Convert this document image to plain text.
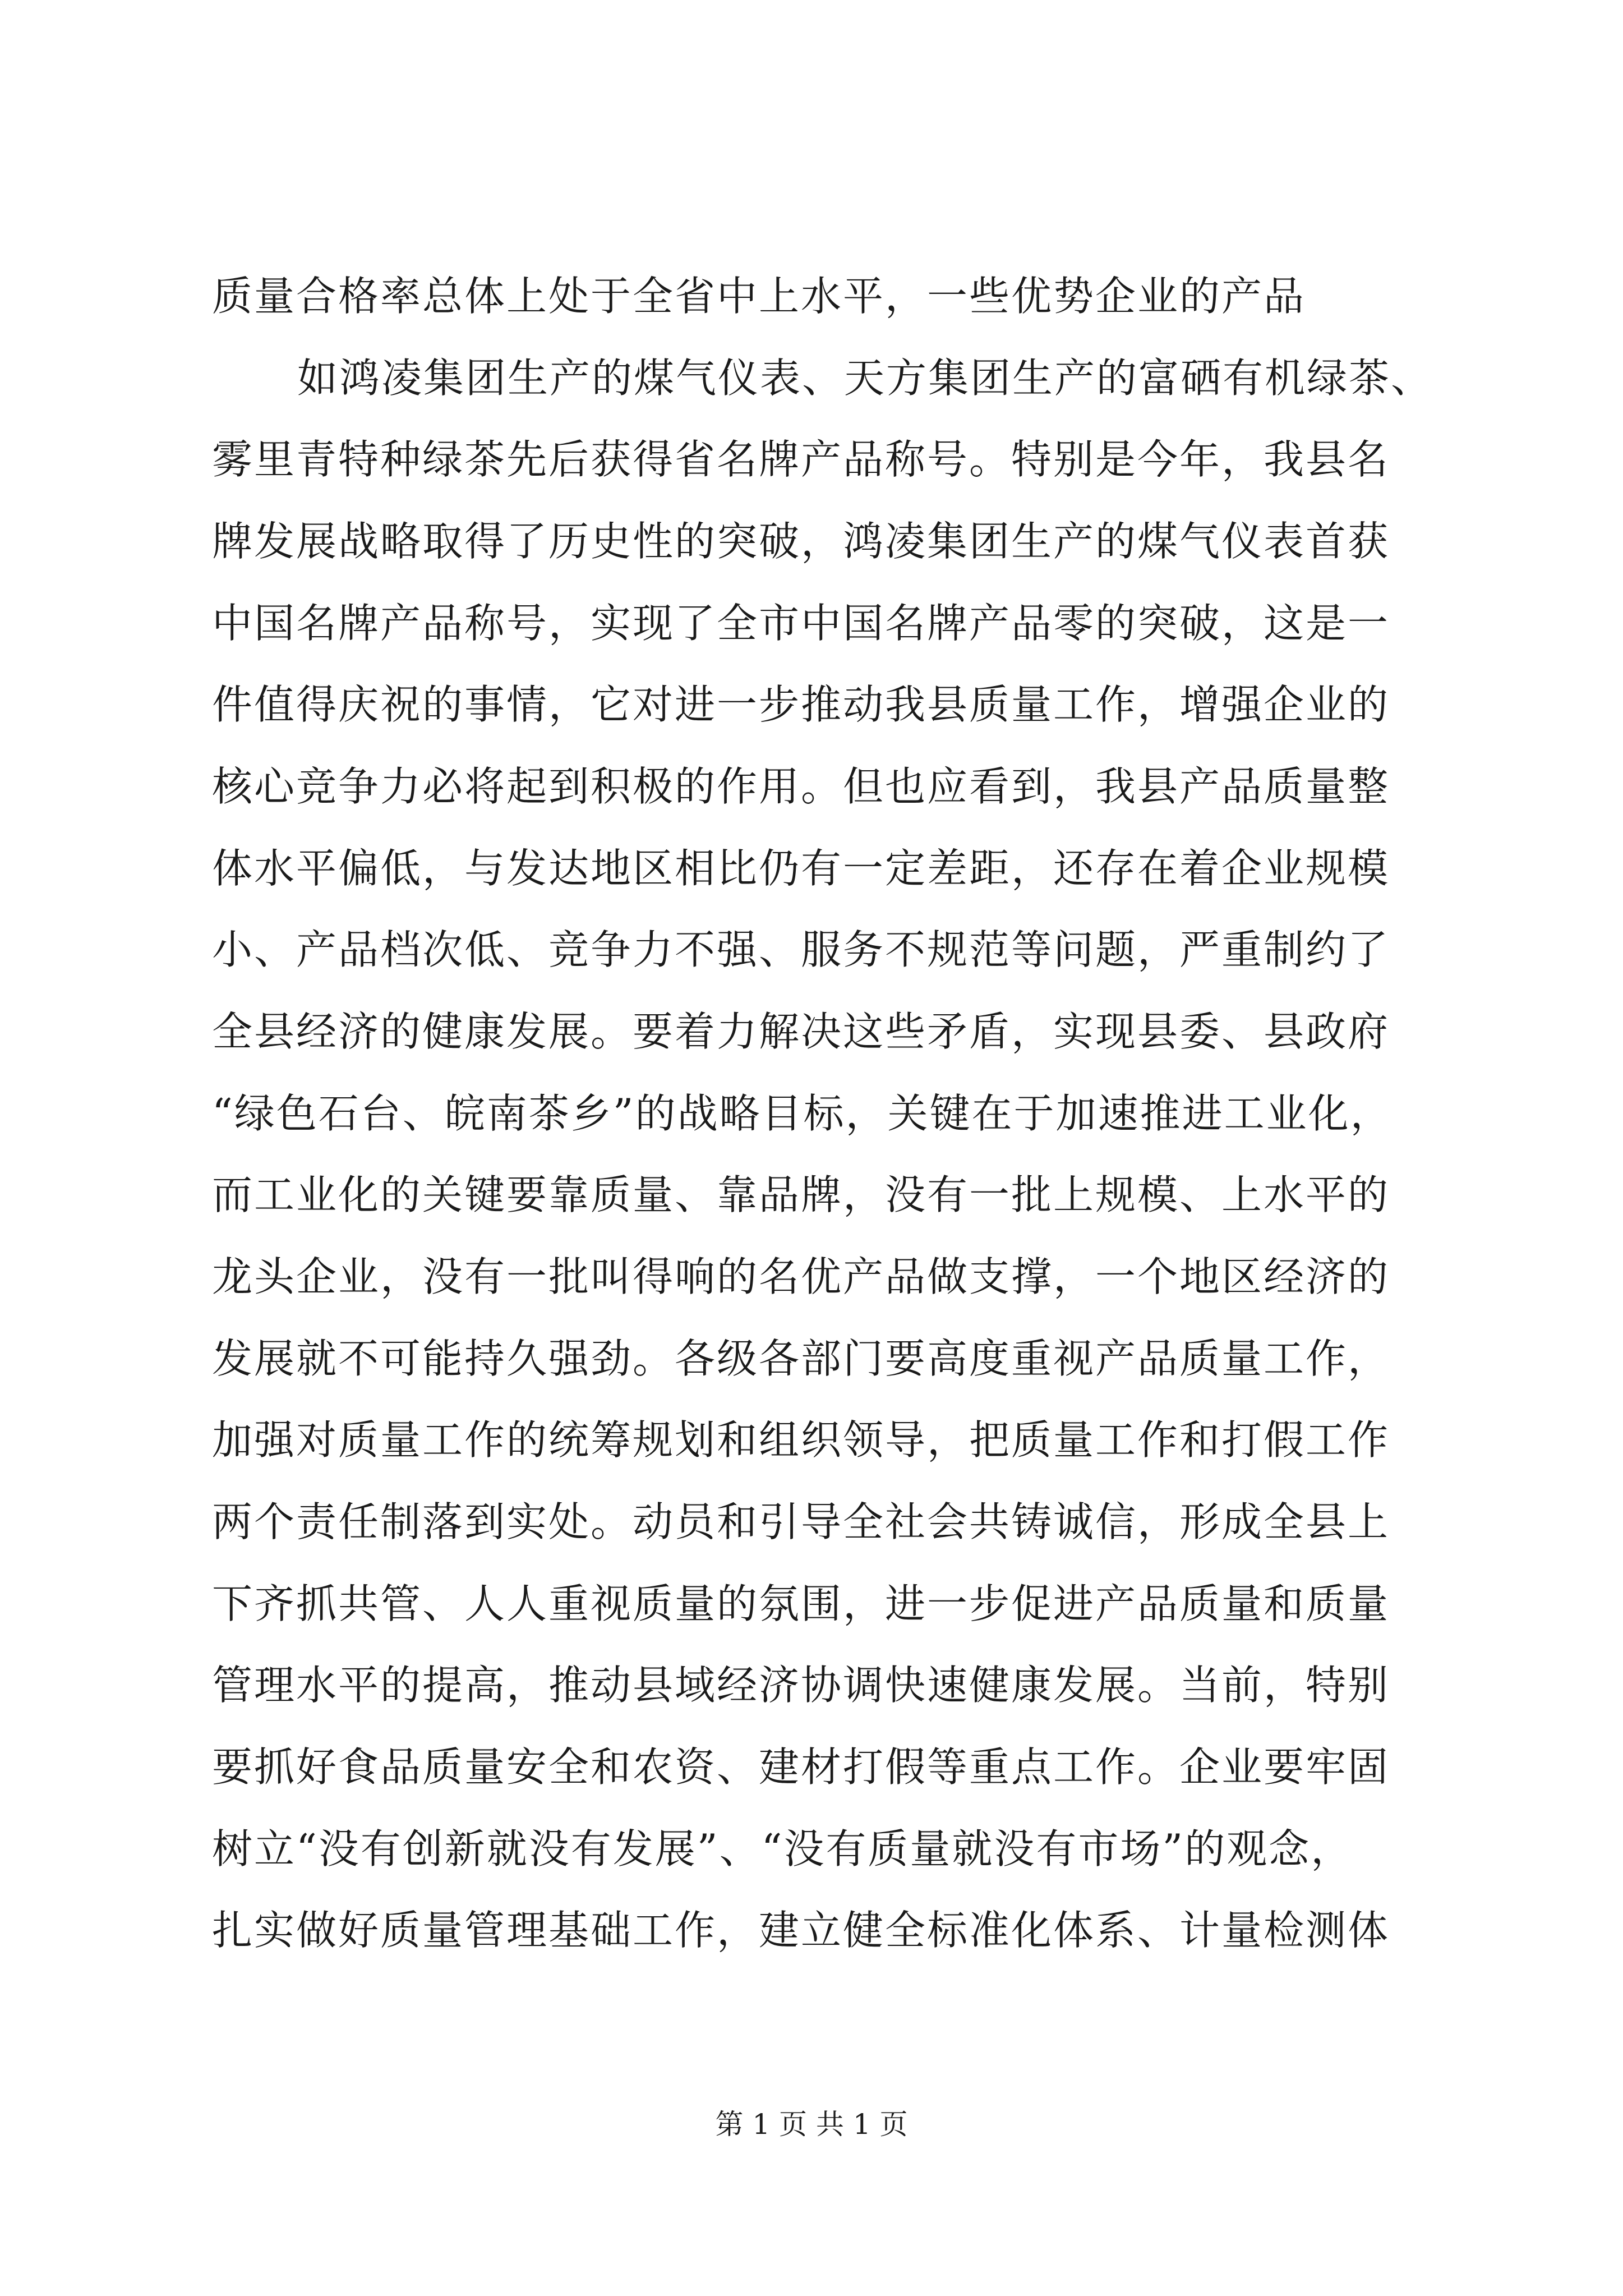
质量合格率总体上处于全省中上水平，一些优势企业的产品
如鸿凌集团生产的煤气仪表、天方集团生产的富硒有机绿茶、
雾里青特种绿茶先后获得省名牌产品称号。特别是今年，我县名
牌发展战略取得了历史性的突破，鸿凌集团生产的煤气仪表首获
中国名牌产品称号，实现了全市中国名牌产品零的突破，这是一
件值得庆祝的事情，它对进一步推动我县质量工作，增强企业的
核心竞争力必将起到积极的作用。但也应看到，我县产品质量整
体水平偏低，与发达地区相比仍有一定差距，还存在着企业规模
小、产品档次低、竞争力不强、服务不规范等问题，严重制约了
全县经济的健康发展。要着力解决这些矛盾，实现县委、县政府
“绿色石台、皖南茶乡”的战略目标，关键在于加速推进工业化，
而工业化的关键要靠质量、靠品牌，没有一批上规模、上水平的
龙头企业，没有一批叫得响的名优产品做支撑，一个地区经济的
发展就不可能持久强劲。各级各部门要高度重视产品质量工作，
加强对质量工作的统筹规划和组织领导，把质量工作和打假工作
两个责任制落到实处。动员和引导全社会共铸诚信，形成全县上
下齐抓共管、人人重视质量的氛围，进一步促进产品质量和质量
管理水平的提高，推动县域经济协调快速健康发展。当前，特别
要抓好食品质量安全和农资、建材打假等重点工作。企业要牢固
树立“没有创新就没有发展”、“没有质量就没有市场”的观念，
扎实做好质量管理基础工作，建立健全标准化体系、计量检测体
第 1 页 共 1 页
